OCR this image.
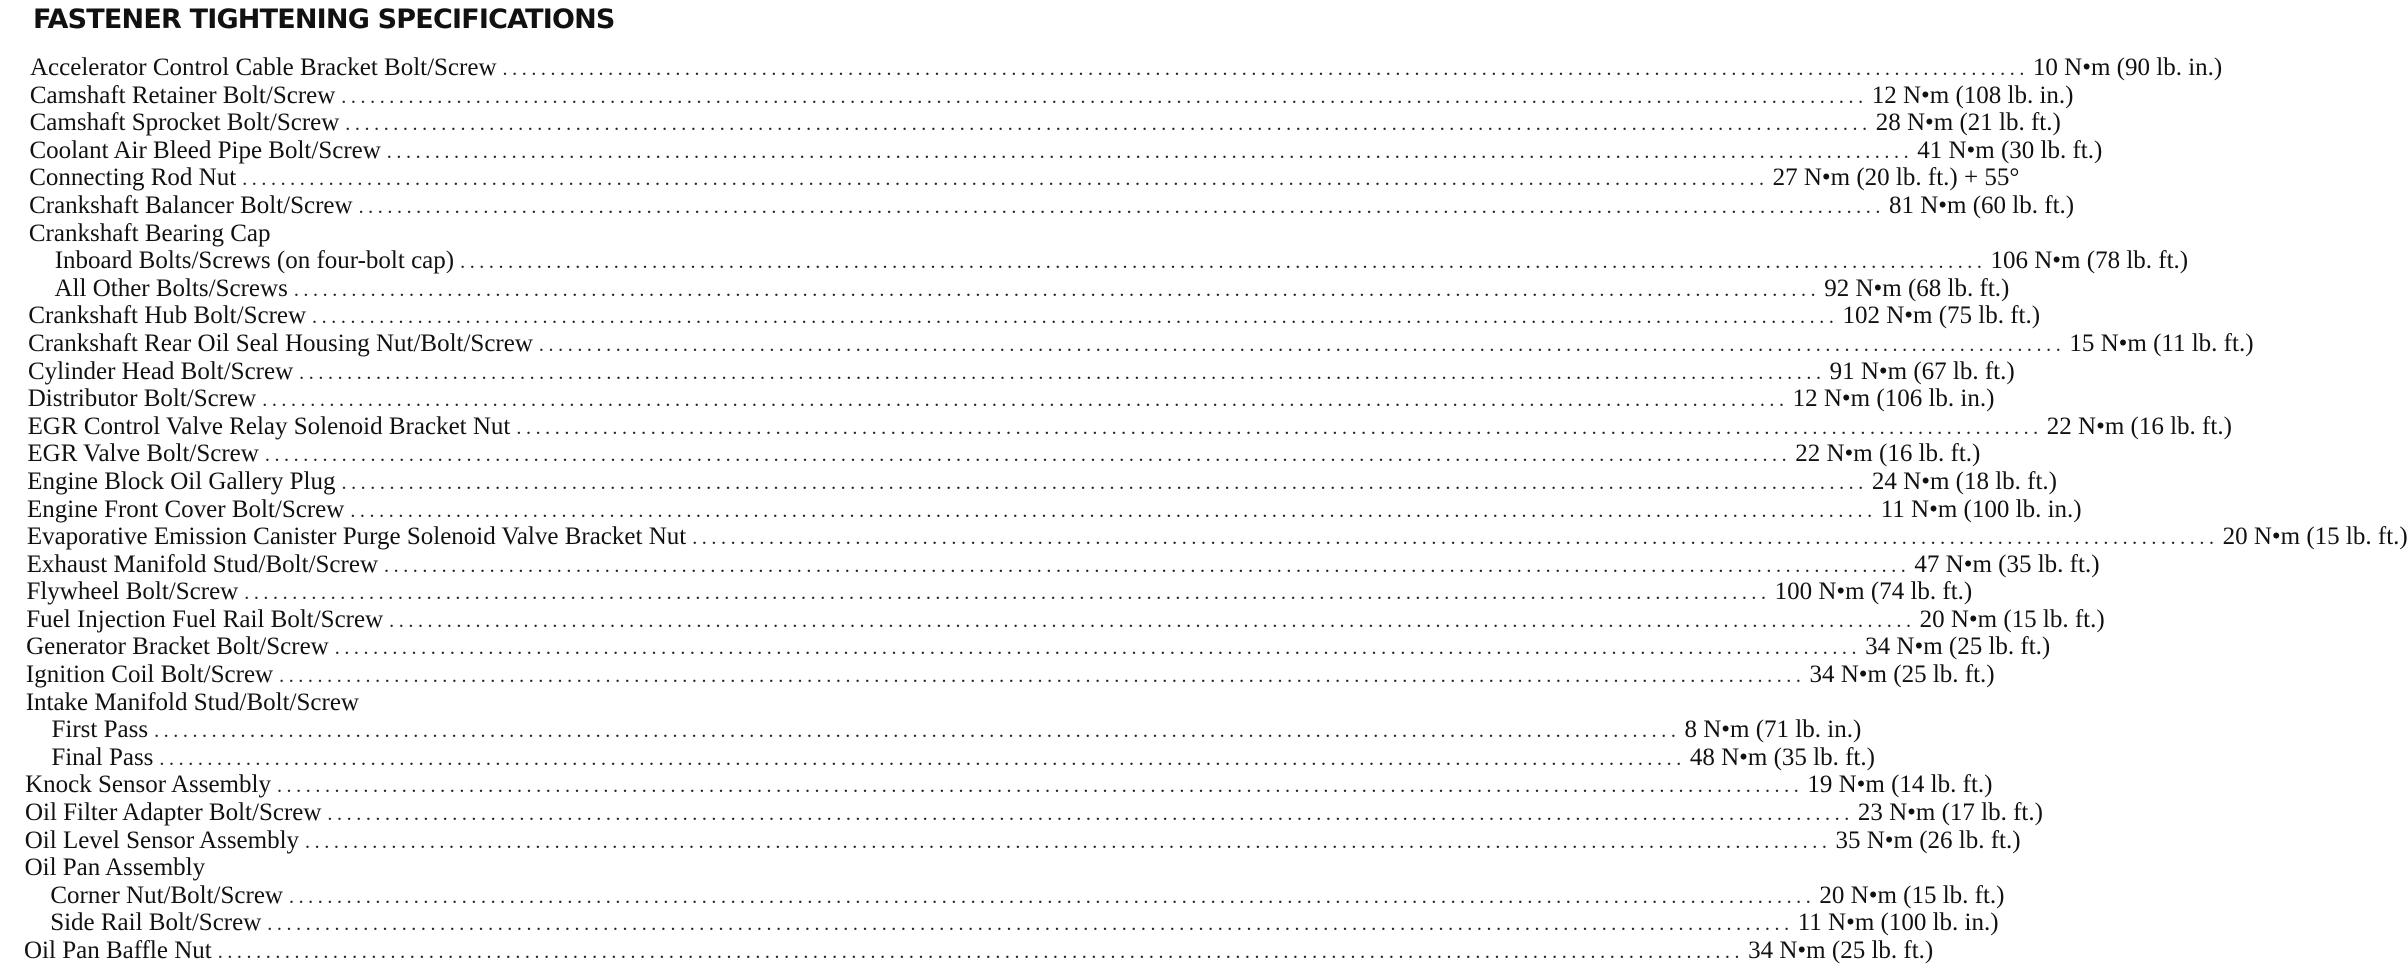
FASTENER TIGHTENING SPECIFICATIONS
Accelerator Control Cable Bracket Bolt/Screw ............................................................................................................................................................... 10 N•m (90 lb. in.)
Camshaft Retainer Bolt/Screw ............................................................................................................................................................... 12 N•m (108 lb. in.)
Camshaft Sprocket Bolt/Screw ............................................................................................................................................................... 28 N•m (21 lb. ft.)
Coolant Air Bleed Pipe Bolt/Screw ............................................................................................................................................................... 41 N•m (30 lb. ft.)
Connecting Rod Nut ............................................................................................................................................................... 27 N•m (20 lb. ft.) + 55°
Crankshaft Balancer Bolt/Screw ............................................................................................................................................................... 81 N•m (60 lb. ft.)
Crankshaft Bearing Cap
Inboard Bolts/Screws (on four-bolt cap) ............................................................................................................................................................... 106 N•m (78 lb. ft.)
All Other Bolts/Screws ............................................................................................................................................................... 92 N•m (68 lb. ft.)
Crankshaft Hub Bolt/Screw ............................................................................................................................................................... 102 N•m (75 lb. ft.)
Crankshaft Rear Oil Seal Housing Nut/Bolt/Screw ............................................................................................................................................................... 15 N•m (11 lb. ft.)
Cylinder Head Bolt/Screw ............................................................................................................................................................... 91 N•m (67 lb. ft.)
Distributor Bolt/Screw ............................................................................................................................................................... 12 N•m (106 lb. in.)
EGR Control Valve Relay Solenoid Bracket Nut ............................................................................................................................................................... 22 N•m (16 lb. ft.)
EGR Valve Bolt/Screw ............................................................................................................................................................... 22 N•m (16 lb. ft.)
Engine Block Oil Gallery Plug ............................................................................................................................................................... 24 N•m (18 lb. ft.)
Engine Front Cover Bolt/Screw ............................................................................................................................................................... 11 N•m (100 lb. in.)
Evaporative Emission Canister Purge Solenoid Valve Bracket Nut ............................................................................................................................................................... 20 N•m (15 lb. ft.)
Exhaust Manifold Stud/Bolt/Screw ............................................................................................................................................................... 47 N•m (35 lb. ft.)
Flywheel Bolt/Screw ............................................................................................................................................................... 100 N•m (74 lb. ft.)
Fuel Injection Fuel Rail Bolt/Screw ............................................................................................................................................................... 20 N•m (15 lb. ft.)
Generator Bracket Bolt/Screw ............................................................................................................................................................... 34 N•m (25 lb. ft.)
Ignition Coil Bolt/Screw ............................................................................................................................................................... 34 N•m (25 lb. ft.)
Intake Manifold Stud/Bolt/Screw
First Pass ............................................................................................................................................................... 8 N•m (71 lb. in.)
Final Pass ............................................................................................................................................................... 48 N•m (35 lb. ft.)
Knock Sensor Assembly ............................................................................................................................................................... 19 N•m (14 lb. ft.)
Oil Filter Adapter Bolt/Screw ............................................................................................................................................................... 23 N•m (17 lb. ft.)
Oil Level Sensor Assembly ............................................................................................................................................................... 35 N•m (26 lb. ft.)
Oil Pan Assembly
Corner Nut/Bolt/Screw ............................................................................................................................................................... 20 N•m (15 lb. ft.)
Side Rail Bolt/Screw ............................................................................................................................................................... 11 N•m (100 lb. in.)
Oil Pan Baffle Nut ............................................................................................................................................................... 34 N•m (25 lb. ft.)
